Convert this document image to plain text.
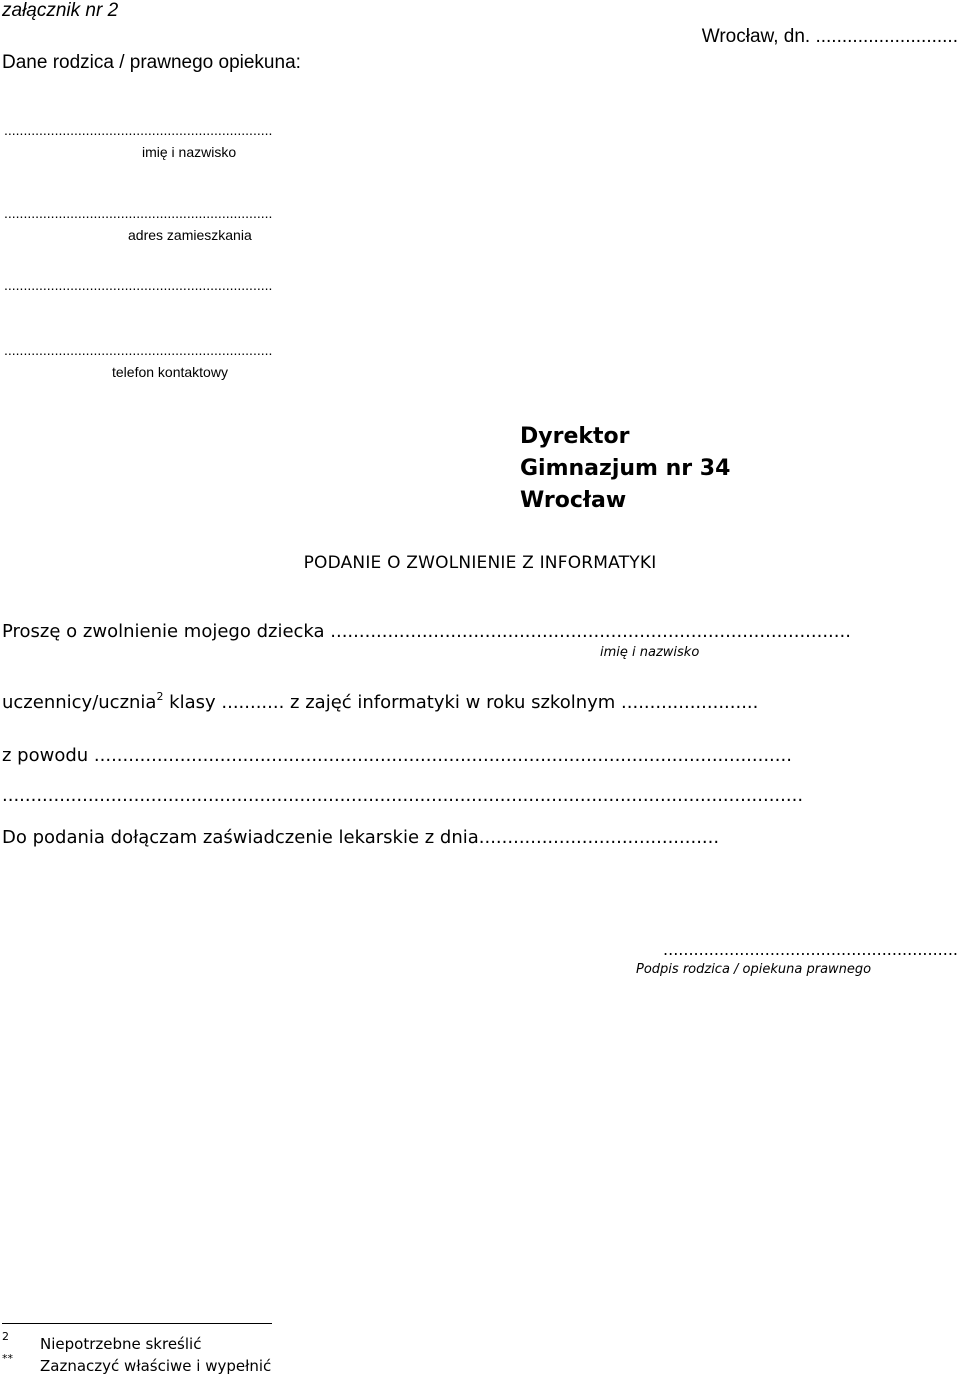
załącznik nr 2
Wrocław, dn. ...........................
Dane rodzica / prawnego opiekuna:
.....................................................................
imię i nazwisko
.....................................................................
adres zamieszkania
.....................................................................
.....................................................................
telefon kontaktowy
Dyrektor
Gimnazjum nr 34
Wrocław
PODANIE O ZWOLNIENIE Z INFORMATYKI
Proszę o zwolnienie mojego dziecka ...........................................................................................
imię i nazwisko
uczennicy/ucznia$^2$ klasy ........... z zajęć informatyki w roku szkolnym ........................
z powodu ..........................................................................................................................
............................................................................................................................................
Do podania dołączam zaświadczenie lekarskie z dnia..........................................
..........................................................
Podpis rodzica / opiekuna prawnego
2 Niepotrzebne skreślić
** Zaznaczyć właściwe i wypełnić
